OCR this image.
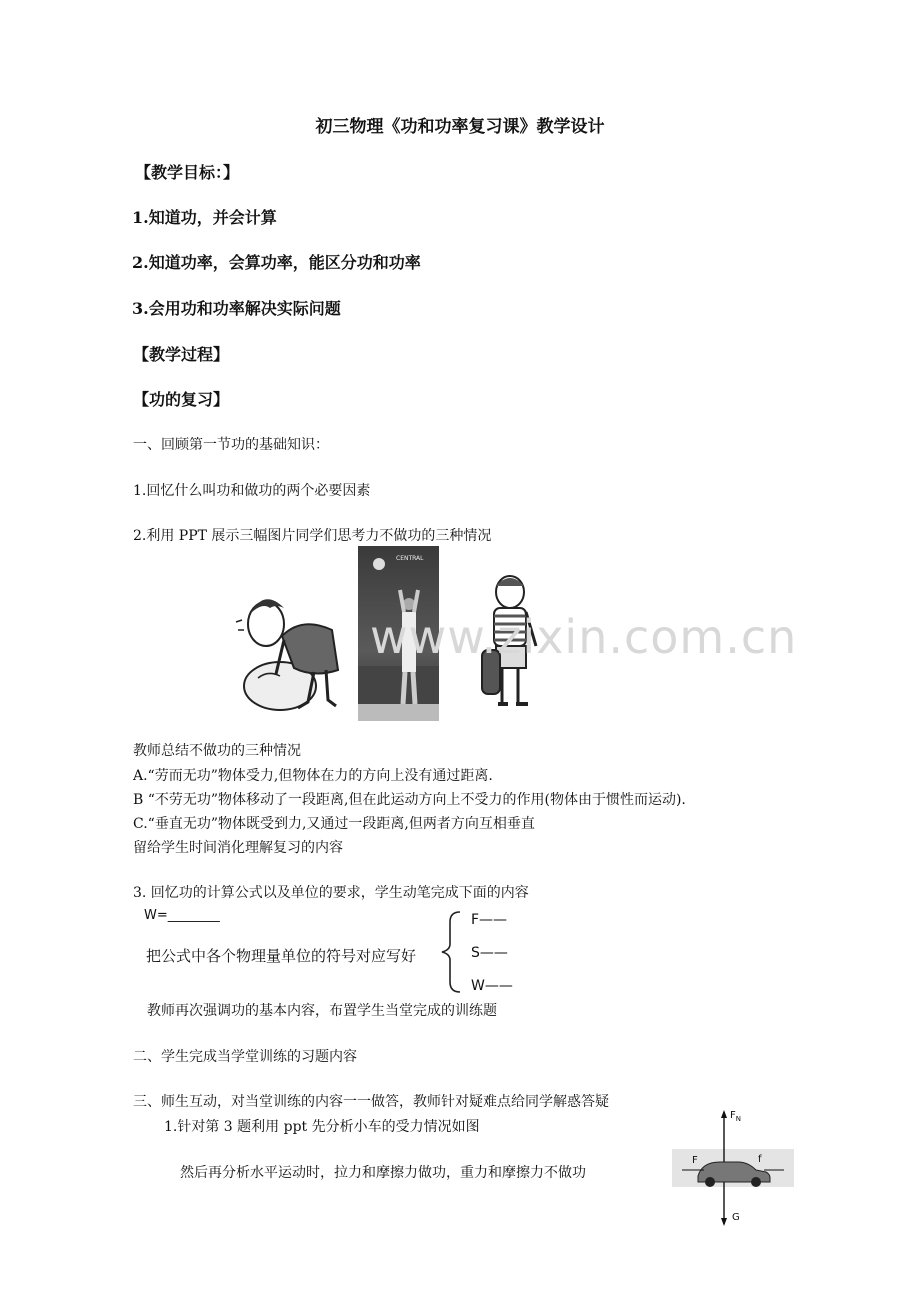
初三物理《功和功率复习课》教学设计
【教学目标：】
1.知道功，并会计算
2.知道功率，会算功率，能区分功和功率
3.会用功和功率解决实际问题
【教学过程】
【功的复习】
一、回顾第一节功的基础知识：
1.回忆什么叫功和做功的两个必要因素
2.利用 PPT 展示三幅图片同学们思考力不做功的三种情况
CENTRAL
www.zixin.com.cn
教师总结不做功的三种情况
A.“劳而无功”物体受力,但物体在力的方向上没有通过距离.
B “不劳无功”物体移动了一段距离,但在此运动方向上不受力的作用(物体由于惯性而运动).
C.“垂直无功”物体既受到力,又通过一段距离,但两者方向互相垂直
留给学生时间消化理解复习的内容
3. 回忆功的计算公式以及单位的要求，学生动笔完成下面的内容
W=________
把公式中各个物理量单位的符号对应写好
F——
S——
W——
教师再次强调功的基本内容，布置学生当堂完成的训练题
二、学生完成当学堂训练的习题内容
三、师生互动，对当堂训练的内容一一做答，教师针对疑难点给同学解惑答疑
1.针对第 3 题利用 ppt 先分析小车的受力情况如图
然后再分析水平运动时，拉力和摩擦力做功，重力和摩擦力不做功
$F_N$
F	f
G
